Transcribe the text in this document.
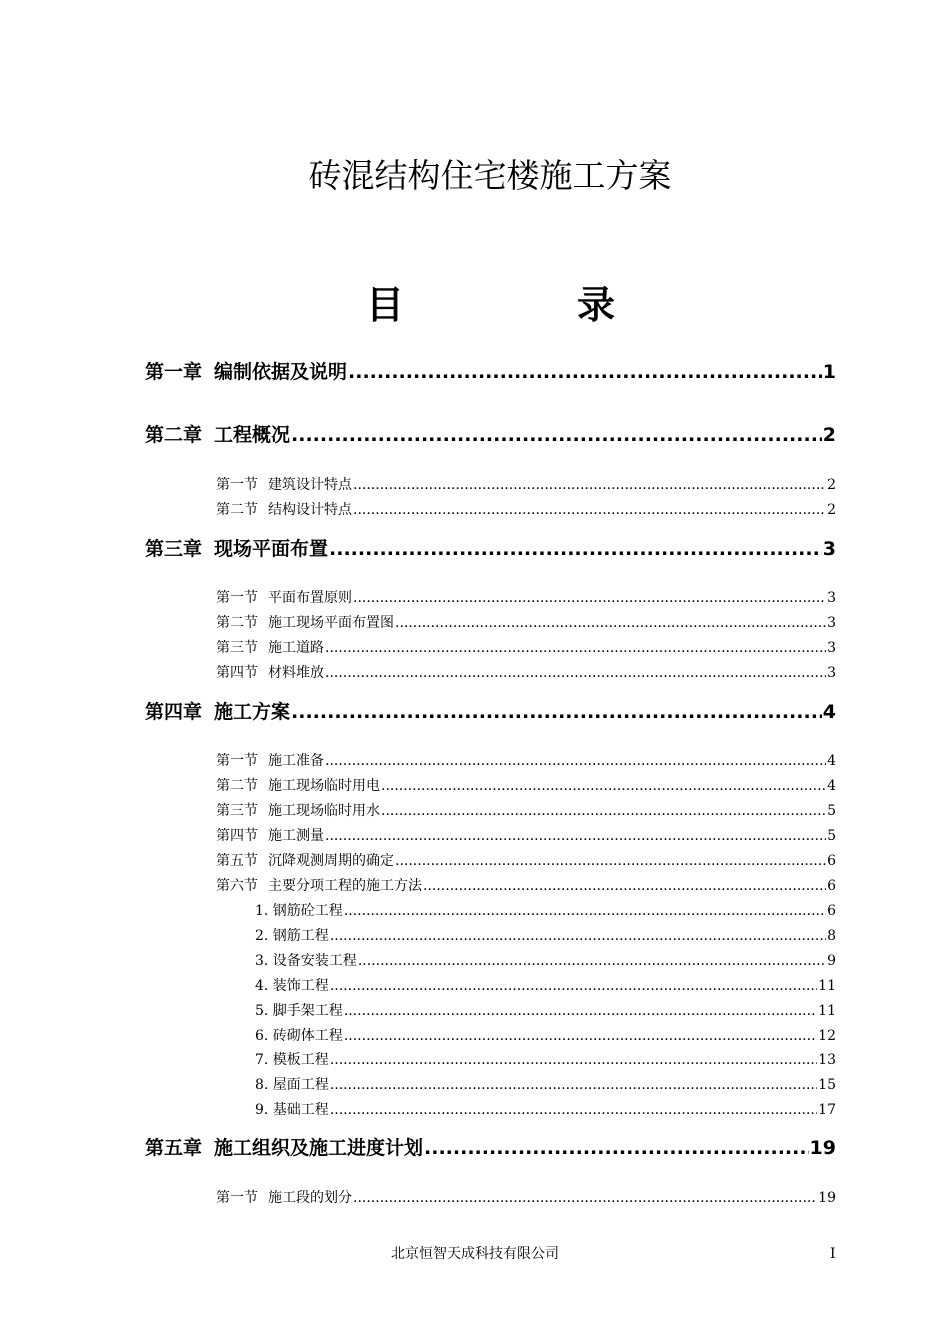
砖混结构住宅楼施工方案
目	录
第一章 编制依据及说明 .....	1
第二章 工程概况 .....	2
第一节 建筑设计特点 .....	2
第二节 结构设计特点 .....	2
第三章 现场平面布置 .....	3
第一节 平面布置原则 .....	3
第二节 施工现场平面布置图 .....	3
第三节 施工道路 .....	3
第四节 材料堆放 .....	3
第四章 施工方案 .....	4
第一节 施工准备 .....	4
第二节 施工现场临时用电 .....	4
第三节 施工现场临时用水 .....	5
第四节 施工测量 .....	5
第五节 沉降观测周期的确定 .....	6
第六节 主要分项工程的施工方法 .....	6
1. 钢筋砼工程 .....	6
2. 钢筋工程 .....	8
3. 设备安装工程 .....	9
4. 装饰工程 .....	11
5. 脚手架工程 .....	11
6. 砖砌体工程 .....	12
7. 模板工程 .....	13
8. 屋面工程 .....	15
9. 基础工程 .....	17
第五章 施工组织及施工进度计划 .....	19
第一节 施工段的划分 .....	19
北京恒智天成科技有限公司	I
